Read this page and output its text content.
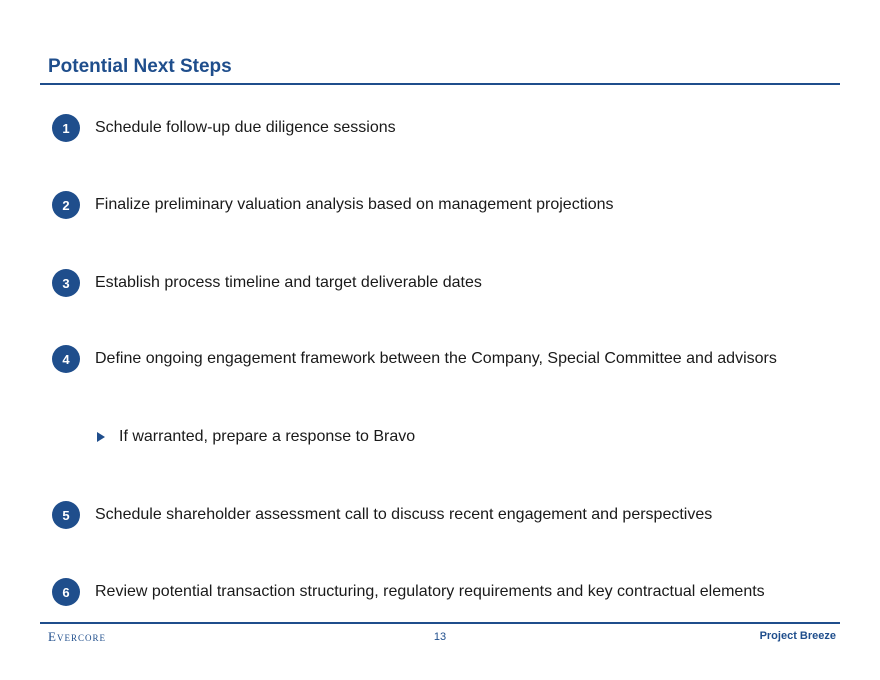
Potential Next Steps
1	Schedule follow-up due diligence sessions
2	Finalize preliminary valuation analysis based on management projections
3	Establish process timeline and target deliverable dates
4	Define ongoing engagement framework between the Company, Special Committee and advisors
If warranted, prepare a response to Bravo
5	Schedule shareholder assessment call to discuss recent engagement and perspectives
6	Review potential transaction structuring, regulatory requirements and key contractual elements
Evercore	13	Project Breeze
